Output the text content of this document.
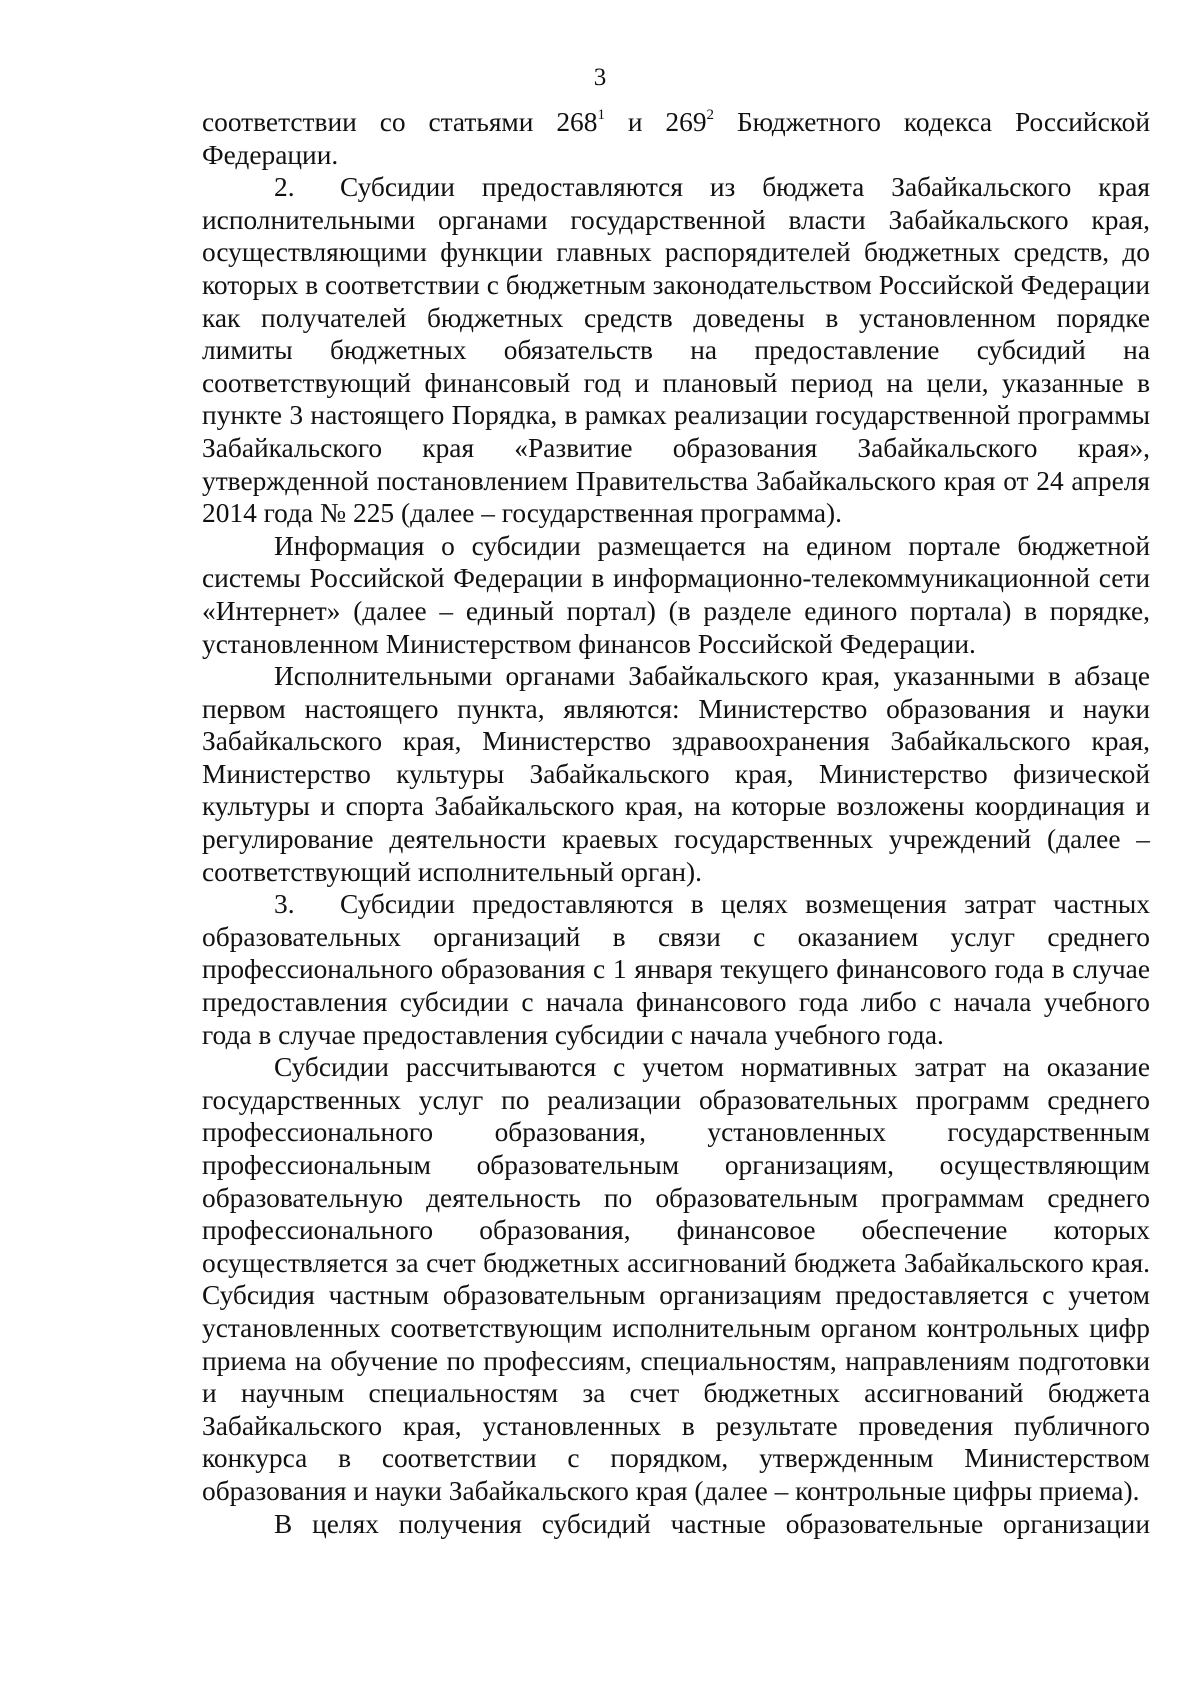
3

соответствии со статьями $268^1$ и $269^2$ Бюджетного кодекса Российской Федерации.

2. Субсидии предоставляются из бюджета Забайкальского края исполнительными органами государственной власти Забайкальского края, осуществляющими функции главных распорядителей бюджетных средств, до которых в соответствии с бюджетным законодательством Российской Федерации как получателей бюджетных средств доведены в установленном порядке лимиты бюджетных обязательств на предоставление субсидий на соответствующий финансовый год и плановый период на цели, указанные в пункте 3 настоящего Порядка, в рамках реализации государственной программы Забайкальского края «Развитие образования Забайкальского края», утвержденной постановлением Правительства Забайкальского края от 24 апреля 2014 года № 225 (далее – государственная программа).

Информация о субсидии размещается на едином портале бюджетной системы Российской Федерации в информационно-телекоммуникационной сети «Интернет» (далее – единый портал) (в разделе единого портала) в порядке, установленном Министерством финансов Российской Федерации.

Исполнительными органами Забайкальского края, указанными в абзаце первом настоящего пункта, являются: Министерство образования и науки Забайкальского края, Министерство здравоохранения Забайкальского края, Министерство культуры Забайкальского края, Министерство физической культуры и спорта Забайкальского края, на которые возложены координация и регулирование деятельности краевых государственных учреждений (далее – соответствующий исполнительный орган).

3. Субсидии предоставляются в целях возмещения затрат частных образовательных организаций в связи с оказанием услуг среднего профессионального образования с 1 января текущего финансового года в случае предоставления субсидии с начала финансового года либо с начала учебного года в случае предоставления субсидии с начала учебного года.

Субсидии рассчитываются с учетом нормативных затрат на оказание государственных услуг по реализации образовательных программ среднего профессионального образования, установленных государственным профессиональным образовательным организациям, осуществляющим образовательную деятельность по образовательным программам среднего профессионального образования, финансовое обеспечение которых осуществляется за счет бюджетных ассигнований бюджета Забайкальского края. Субсидия частным образовательным организациям предоставляется с учетом установленных соответствующим исполнительным органом контрольных цифр приема на обучение по профессиям, специальностям, направлениям подготовки и научным специальностям за счет бюджетных ассигнований бюджета Забайкальского края, установленных в результате проведения публичного конкурса в соответствии с порядком, утвержденным Министерством образования и науки Забайкальского края (далее – контрольные цифры приема).

В целях получения субсидий частные образовательные организации
